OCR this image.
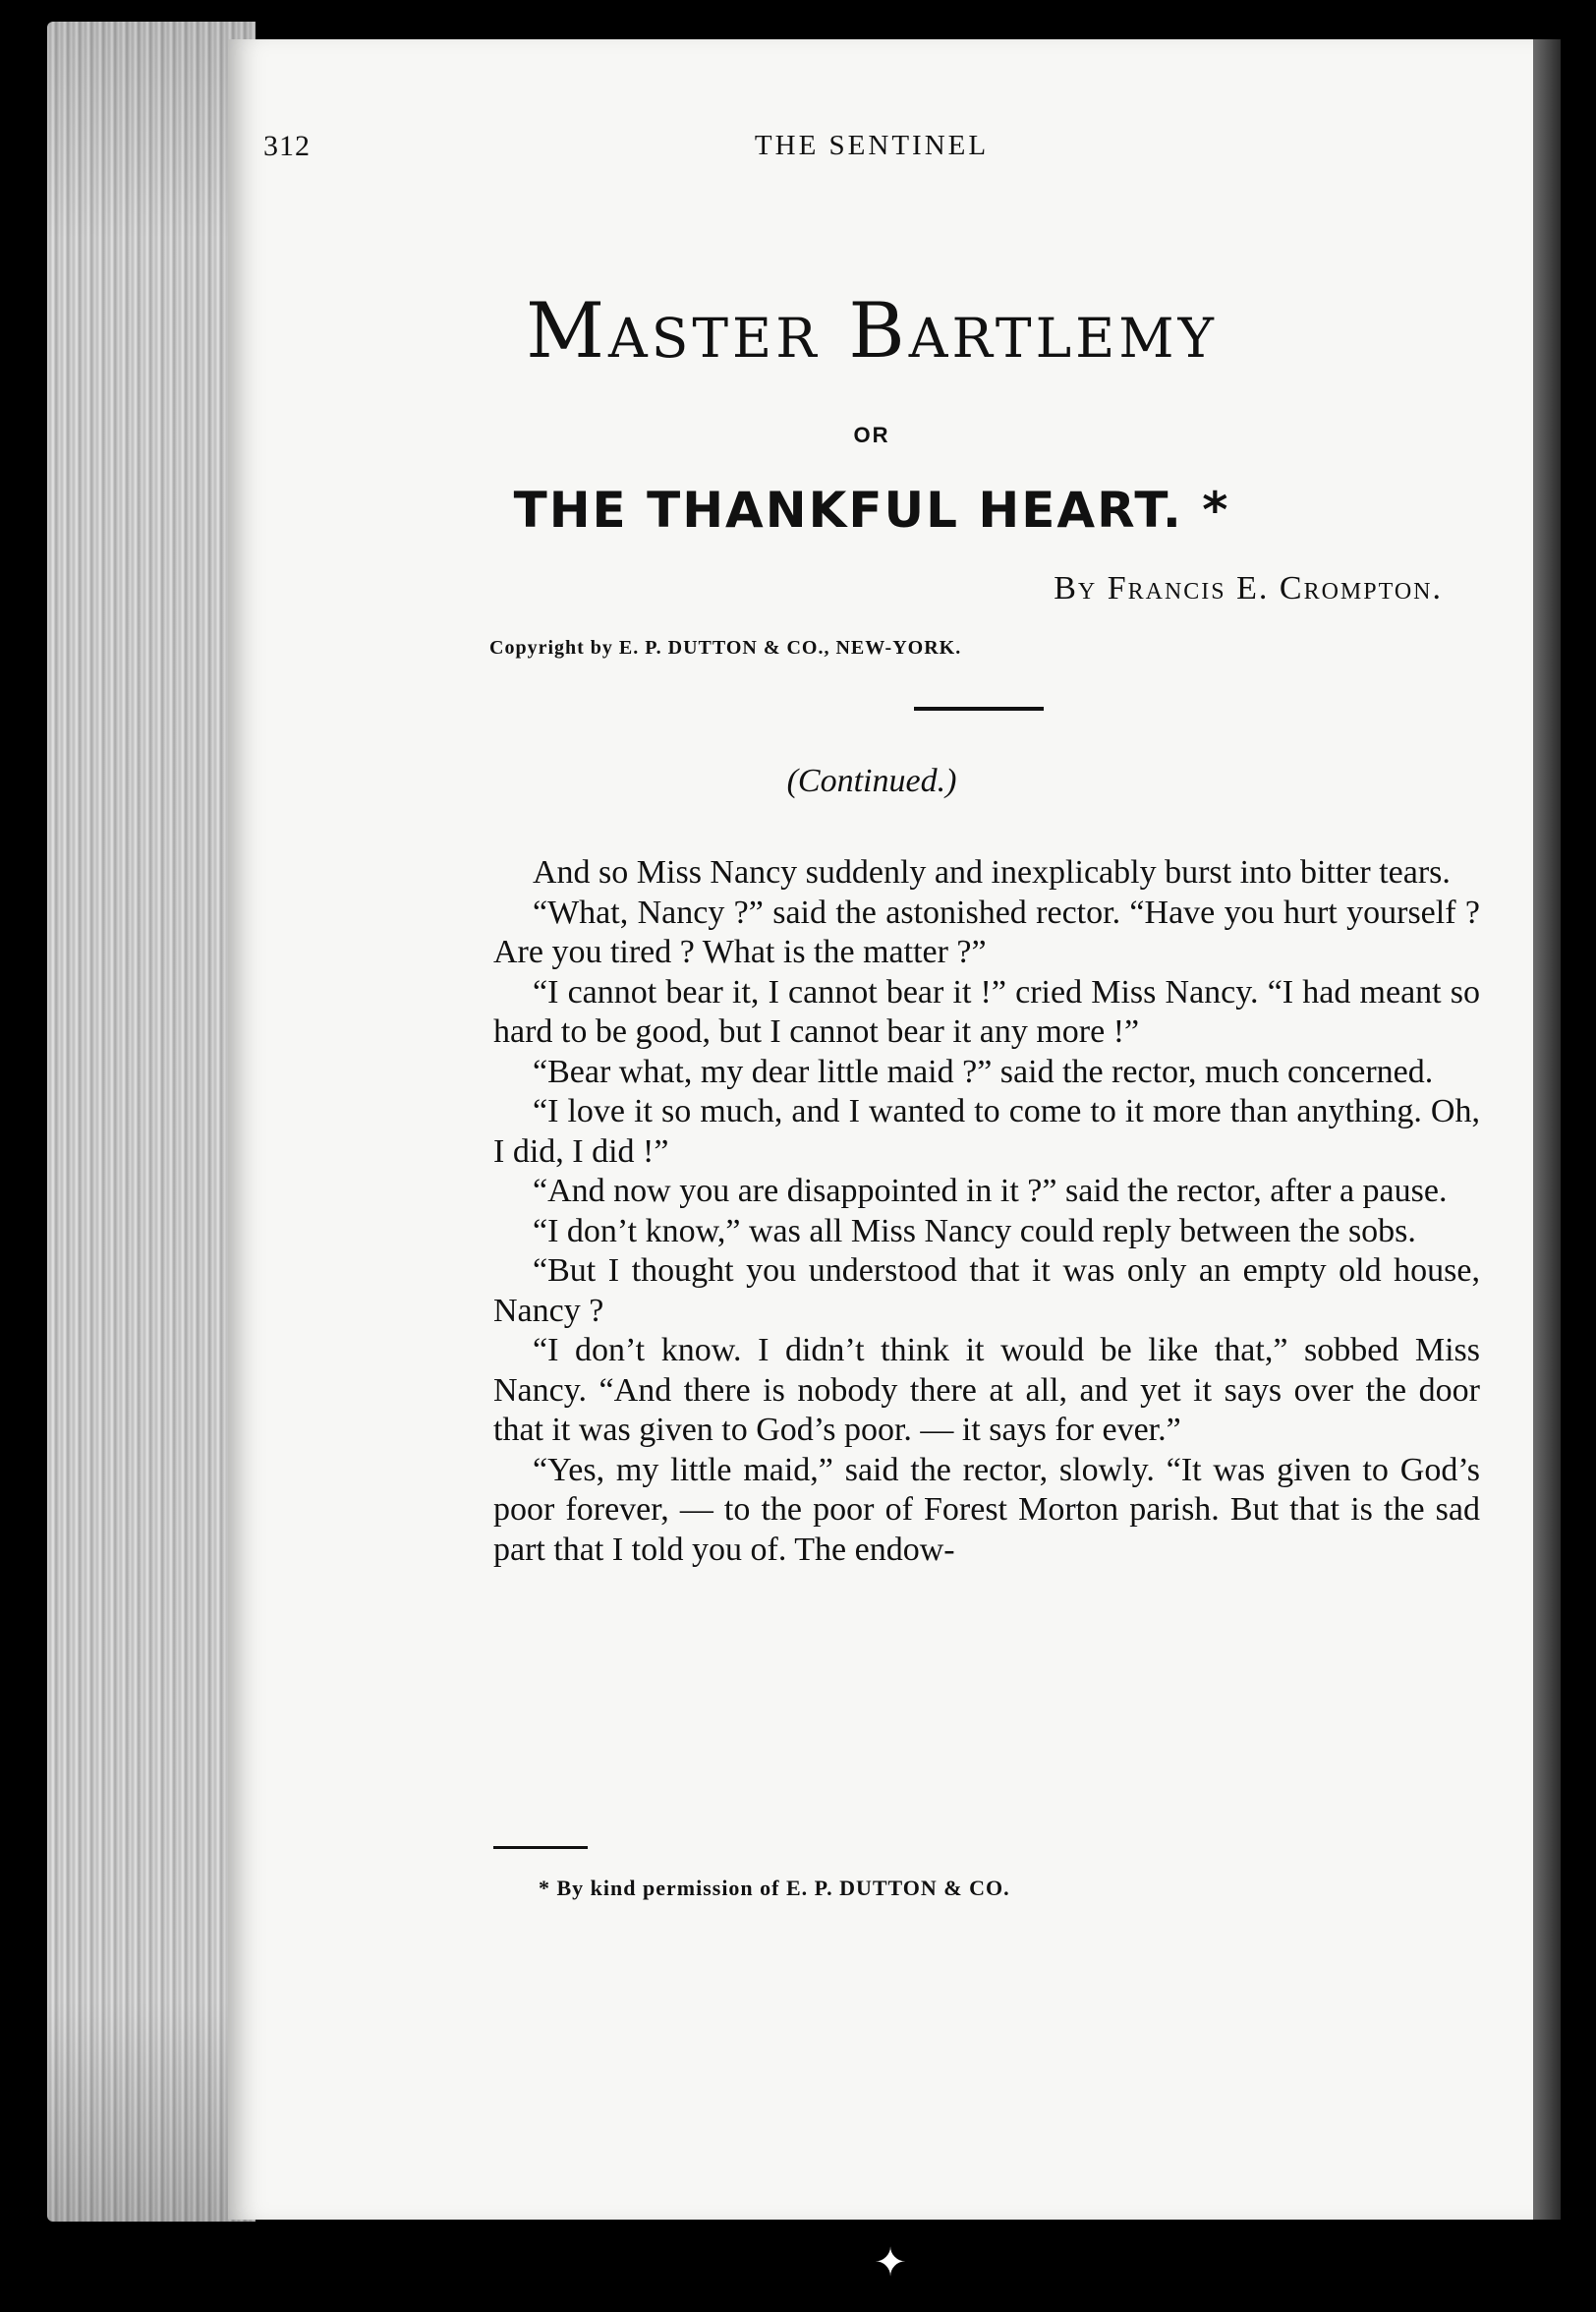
312	THE SENTINEL
Master Bartlemy
OR
THE THANKFUL HEART. *
By Francis E. Crompton.
Copyright by E. P. DUTTON & CO., NEW-YORK.
(Continued.)

And so Miss Nancy suddenly and inexplicably burst into bitter tears.

“What, Nancy ?” said the astonished rector. “Have you hurt yourself ? Are you tired ? What is the matter ?”

“I cannot bear it, I cannot bear it !” cried Miss Nancy. “I had meant so hard to be good, but I cannot bear it any more !”

“Bear what, my dear little maid ?” said the rector, much concerned.

“I love it so much, and I wanted to come to it more than anything. Oh, I did, I did !”

“And now you are disappointed in it ?” said the rector, after a pause.

“I don’t know,” was all Miss Nancy could reply between the sobs.

“But I thought you understood that it was only an empty old house, Nancy ?

“I don’t know. I didn’t think it would be like that,” sobbed Miss Nancy. “And there is nobody there at all, and yet it says over the door that it was given to God’s poor. — it says for ever.”

“Yes, my little maid,” said the rector, slowly. “It was given to God’s poor forever, — to the poor of Forest Morton parish. But that is the sad part that I told you of. The endow-

* By kind permission of E. P. DUTTON & CO.
✦
